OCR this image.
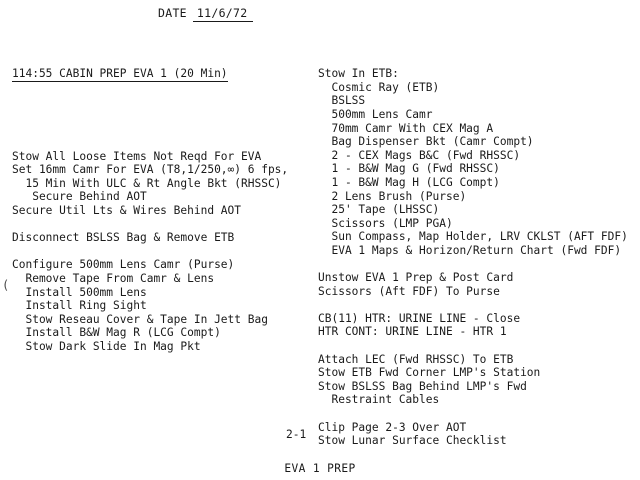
DATE 11/6/72

114:55 CABIN PREP EVA 1 (20 Min)

Stow All Loose Items Not Reqd For EVA
Set 16mm Camr For EVA (T8,1/250,∞) 6 fps,
15 Min With ULC & Rt Angle Bkt (RHSSC)
Secure Behind AOT
Secure Util Lts & Wires Behind AOT
Disconnect BSLSS Bag & Remove ETB
Configure 500mm Lens Camr (Purse)
Remove Tape From Camr & Lens
Install 500mm Lens
Install Ring Sight
Stow Reseau Cover & Tape In Jett Bag
Install B&W Mag R (LCG Compt)
Stow Dark Slide In Mag Pkt

Stow In ETB:
Cosmic Ray (ETB)
BSLSS
500mm Lens Camr
70mm Camr With CEX Mag A
Bag Dispenser Bkt (Camr Compt)
2 - CEX Mags B&C (Fwd RHSSC)
1 - B&W Mag G (Fwd RHSSC)
1 - B&W Mag H (LCG Compt)
2 Lens Brush (Purse)
25' Tape (LHSSC)
Scissors (LMP PGA)
Sun Compass, Map Holder, LRV CKLST (AFT FDF)
EVA 1 Maps & Horizon/Return Chart (Fwd FDF)
Unstow EVA 1 Prep & Post Card
Scissors (Aft FDF) To Purse
CB(11) HTR: URINE LINE - Close
HTR CONT: URINE LINE - HTR 1
Attach LEC (Fwd RHSSC) To ETB
Stow ETB Fwd Corner LMP's Station
Stow BSLSS Bag Behind LMP's Fwd
Restraint Cables
Clip Page 2-3 Over AOT
Stow Lunar Surface Checklist

(
2-1
EVA 1 PREP
